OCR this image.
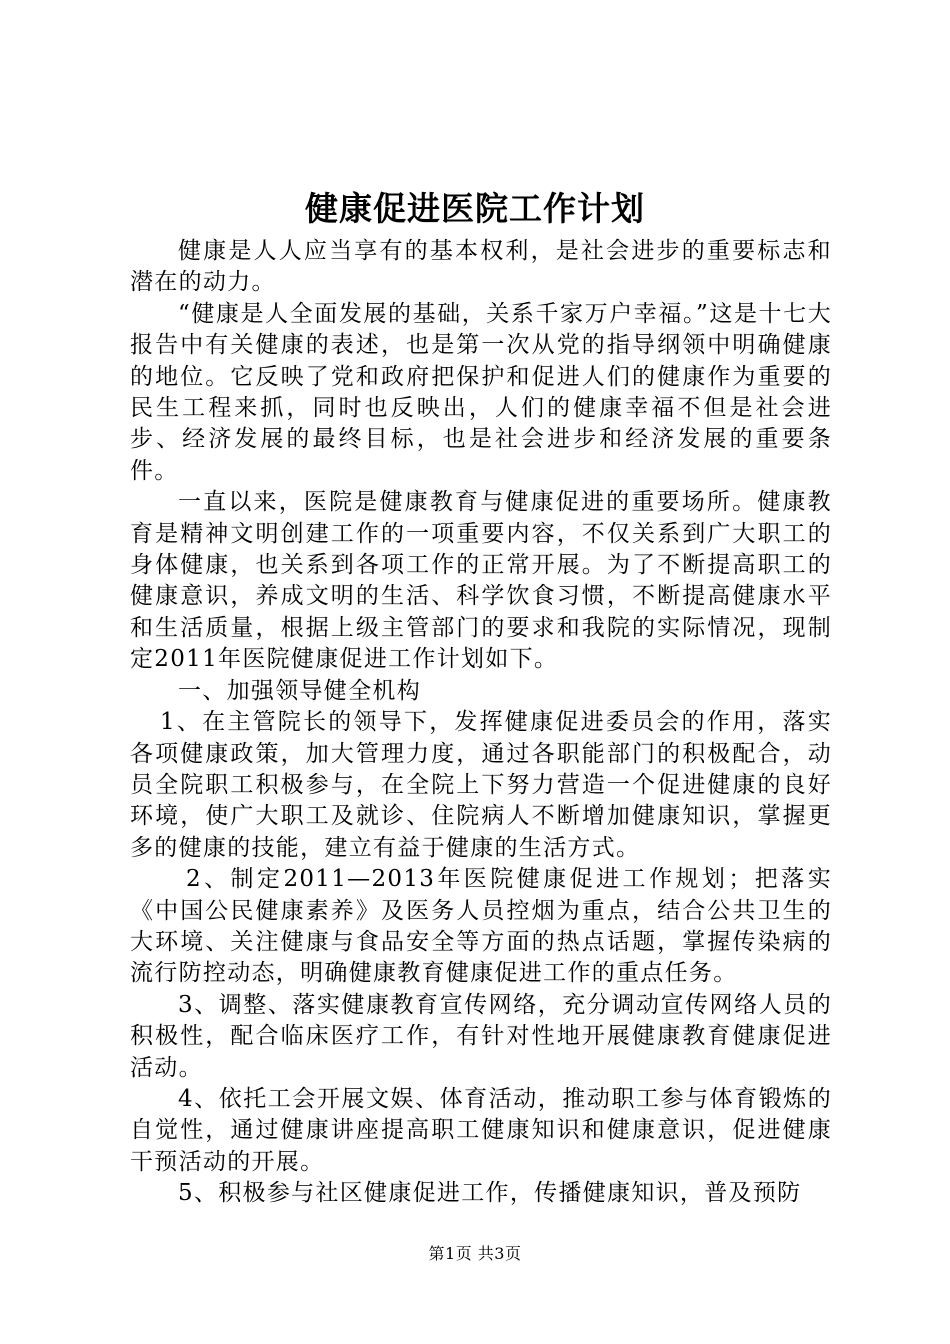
健康促进医院工作计划

健康是人人应当享有的基本权利，是社会进步的重要标志和潜在的动力。

“健康是人全面发展的基础，关系千家万户幸福。”这是十七大报告中有关健康的表述，也是第一次从党的指导纲领中明确健康的地位。它反映了党和政府把保护和促进人们的健康作为重要的民生工程来抓，同时也反映出，人们的健康幸福不但是社会进步、经济发展的最终目标，也是社会进步和经济发展的重要条件。

一直以来，医院是健康教育与健康促进的重要场所。健康教育是精神文明创建工作的一项重要内容，不仅关系到广大职工的身体健康，也关系到各项工作的正常开展。为了不断提高职工的健康意识，养成文明的生活、科学饮食习惯，不断提高健康水平和生活质量，根据上级主管部门的要求和我院的实际情况，现制定2011年医院健康促进工作计划如下。

一、加强领导健全机构

1、在主管院长的领导下，发挥健康促进委员会的作用，落实各项健康政策，加大管理力度，通过各职能部门的积极配合，动员全院职工积极参与，在全院上下努力营造一个促进健康的良好环境，使广大职工及就诊、住院病人不断增加健康知识，掌握更多的健康的技能，建立有益于健康的生活方式。

2、制定2011—2013年医院健康促进工作规划；把落实《中国公民健康素养》及医务人员控烟为重点，结合公共卫生的大环境、关注健康与食品安全等方面的热点话题，掌握传染病的流行防控动态，明确健康教育健康促进工作的重点任务。

3、调整、落实健康教育宣传网络，充分调动宣传网络人员的积极性，配合临床医疗工作，有针对性地开展健康教育健康促进活动。

4、依托工会开展文娱、体育活动，推动职工参与体育锻炼的自觉性，通过健康讲座提高职工健康知识和健康意识，促进健康干预活动的开展。

5、积极参与社区健康促进工作，传播健康知识，普及预防

第1页 共3页
